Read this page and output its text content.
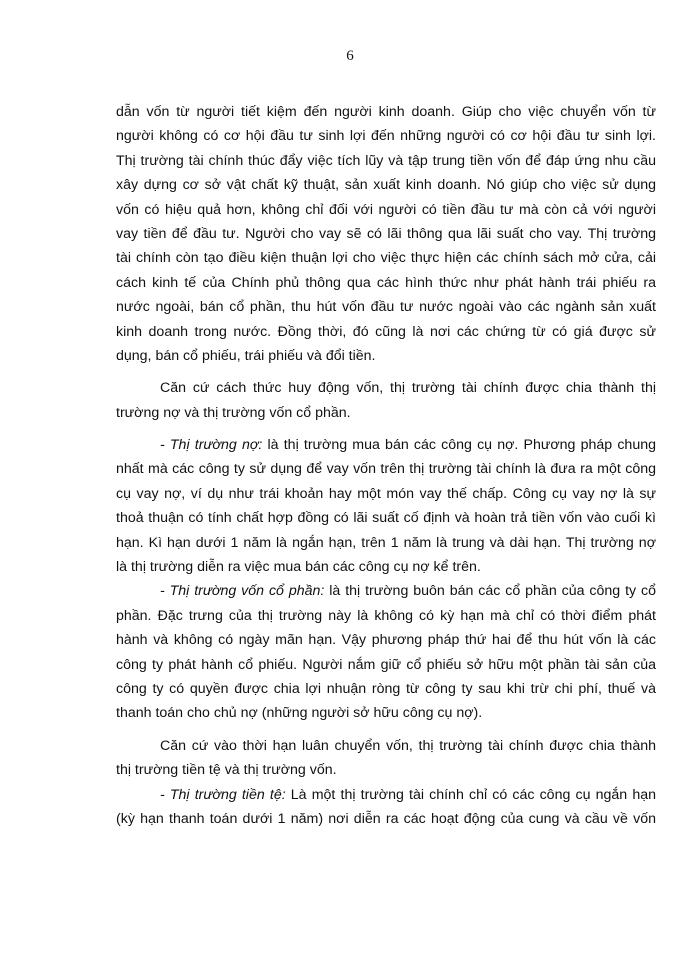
6
dẫn vốn từ người tiết kiệm đến người kinh doanh. Giúp cho việc chuyển vốn từ
người không có cơ hội đầu tư sinh lợi đến những người có cơ hội đầu tư sinh lợi.
Thị trường tài chính thúc đẩy việc tích lũy và tập trung tiền vốn để đáp ứng nhu cầu
xây dựng cơ sở vật chất kỹ thuật, sản xuất kinh doanh. Nó giúp cho việc sử dụng
vốn có hiệu quả hơn, không chỉ đối với người có tiền đầu tư mà còn cả với người
vay tiền để đầu tư. Người cho vay sẽ có lãi thông qua lãi suất cho vay. Thị trường
tài chính còn tạo điều kiện thuận lợi cho việc thực hiện các chính sách mở cửa, cải
cách kinh tế của Chính phủ thông qua các hình thức như phát hành trái phiếu ra
nước ngoài, bán cổ phần, thu hút vốn đầu tư nước ngoài vào các ngành sản xuất
kinh doanh trong nước. Đồng thời, đó cũng là nơi các chứng từ có giá được sử
dụng, bán cổ phiếu, trái phiếu và đổi tiền.
Căn cứ cách thức huy động vốn, thị trường tài chính được chia thành thị
trường nợ và thị trường vốn cổ phần.
- Thị trường nợ: là thị trường mua bán các công cụ nợ. Phương pháp chung
nhất mà các công ty sử dụng để vay vốn trên thị trường tài chính là đưa ra một công
cụ vay nợ, ví dụ như trái khoản hay một món vay thế chấp. Công cụ vay nợ là sự
thoả thuận có tính chất hợp đồng có lãi suất cố định và hoàn trả tiền vốn vào cuối kì
hạn. Kì hạn dưới 1 năm là ngắn hạn, trên 1 năm là trung và dài hạn. Thị trường nợ
là thị trường diễn ra việc mua bán các công cụ nợ kể trên.
- Thị trường vốn cổ phần: là thị trường buôn bán các cổ phần của công ty cổ
phần. Đặc trưng của thị trường này là không có kỳ hạn mà chỉ có thời điểm phát
hành và không có ngày mãn hạn. Vậy phương pháp thứ hai để thu hút vốn là các
công ty phát hành cổ phiếu. Người nắm giữ cổ phiếu sở hữu một phần tài sản của
công ty có quyền được chia lợi nhuận ròng từ công ty sau khi trừ chi phí, thuế và
thanh toán cho chủ nợ (những người sở hữu công cụ nợ).
Căn cứ vào thời hạn luân chuyển vốn, thị trường tài chính được chia thành
thị trường tiền tệ và thị trường vốn.
- Thị trường tiền tệ: Là một thị trường tài chính chỉ có các công cụ ngắn hạn
(kỳ hạn thanh toán dưới 1 năm) nơi diễn ra các hoạt động của cung và cầu về vốn
